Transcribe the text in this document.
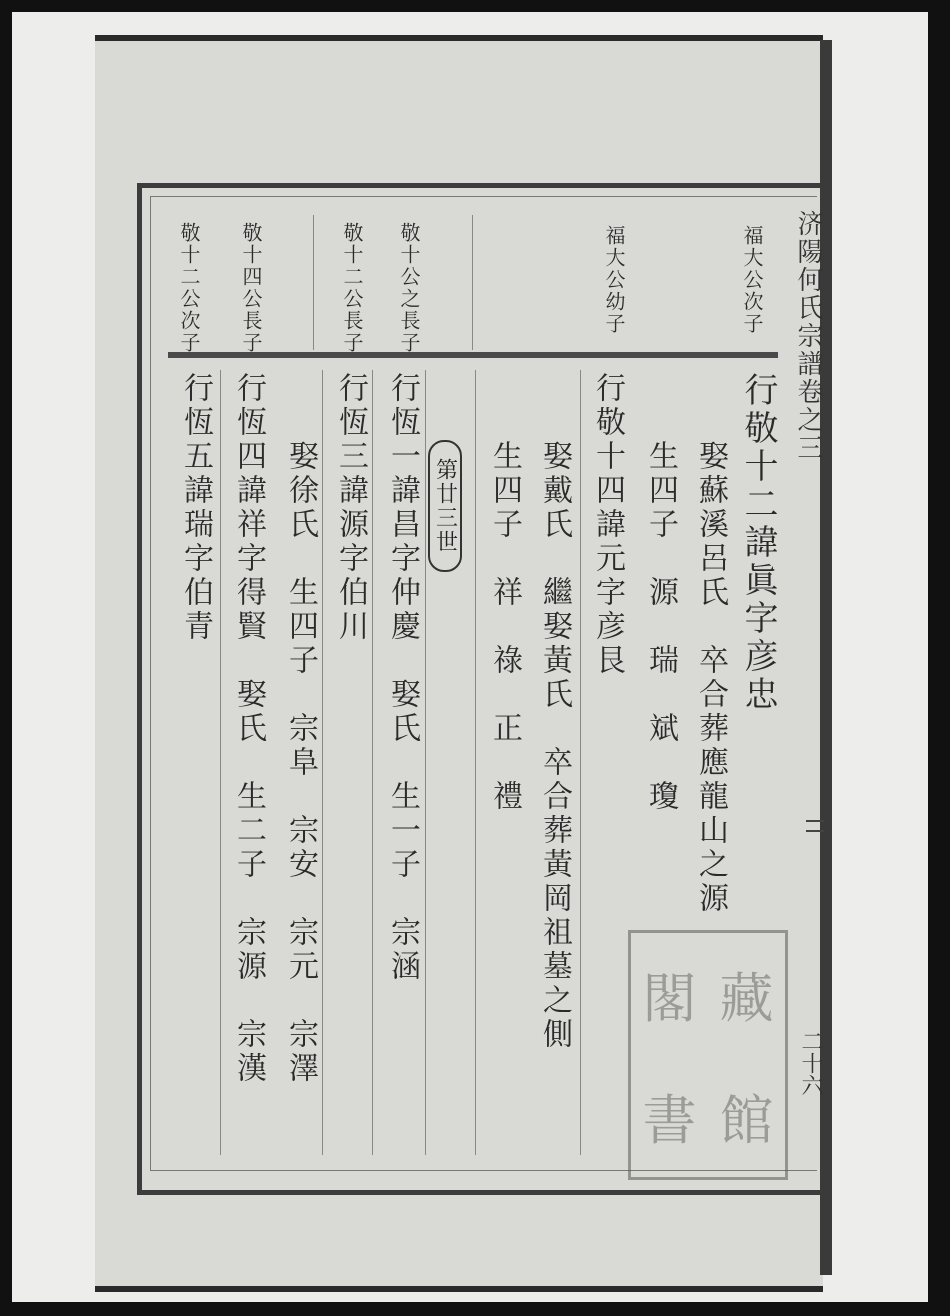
济陽何氏宗譜卷之三
二十六
福大公次子
福大公幼子
敬十公之長子
敬十二公長子
敬十四公長子
敬十二公次子
第廿三世	行敬十二諱眞字彦忠
娶蘇溪呂氏　卒合葬應龍山之源
生四子　源　瑞　斌　瓊
行敬十四諱元字彦艮
娶戴氏　繼娶黃氏　卒合葬黃岡祖墓之側
生四子　祥　祿　正　禮
行恆一諱昌字仲慶　娶氏　生一子　宗涵
行恆三諱源字伯川
娶徐氏　生四子　宗阜　宗安　宗元　宗澤
行恆四諱祥字得賢　娶氏　生二子　宗源　宗漢
行恆五諱瑞字伯青
閣 藏
書 館
